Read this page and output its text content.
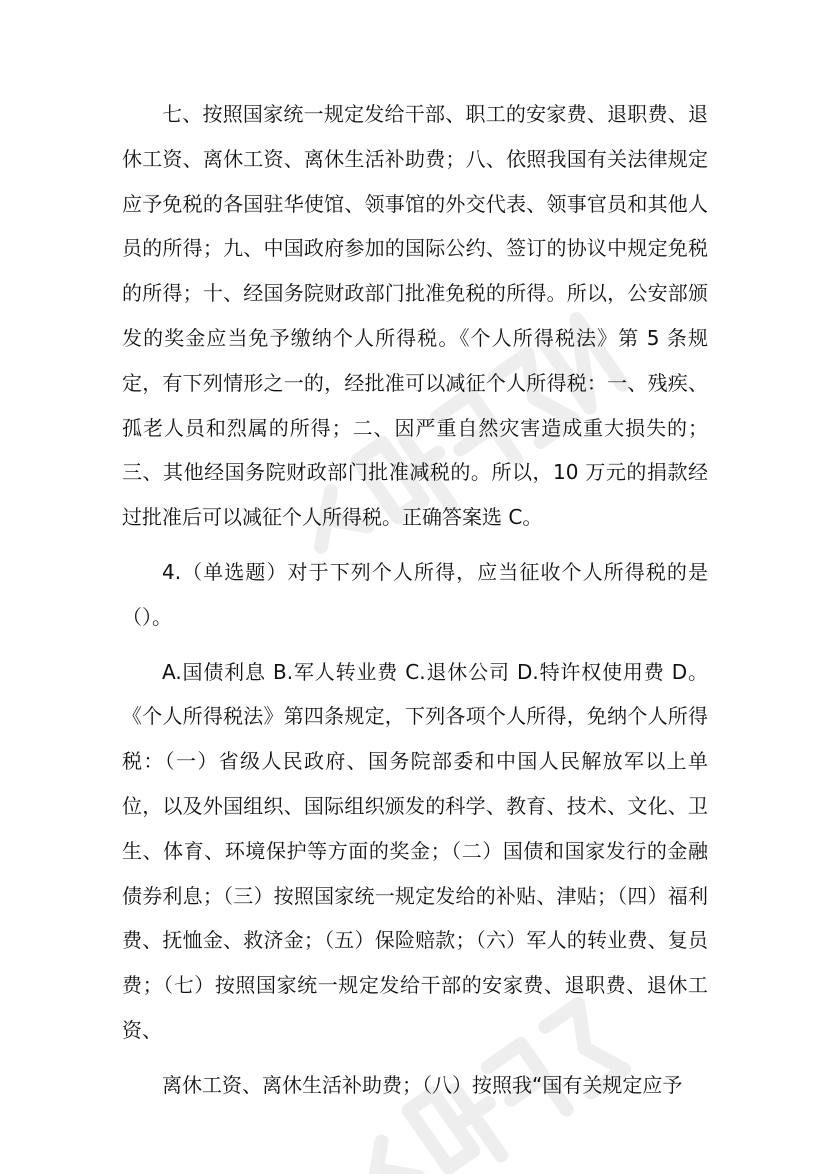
七、按照国家统一规定发给干部、职工的安家费、退职费、退休工资、离休工资、离休生活补助费；八、依照我国有关法律规定应予免税的各国驻华使馆、领事馆的外交代表、领事官员和其他人员的所得；九、中国政府参加的国际公约、签订的协议中规定免税的所得；十、经国务院财政部门批准免税的所得。所以，公安部颁发的奖金应当免予缴纳个人所得税。《个人所得税法》第 5 条规定，有下列情形之一的，经批准可以减征个人所得税：一、残疾、孤老人员和烈属的所得；二、因严重自然灾害造成重大损失的；三、其他经国务院财政部门批准减税的。所以，10 万元的捐款经过批准后可以减征个人所得税。正确答案选 C。

4.（单选题）对于下列个人所得，应当征收个人所得税的是（）。

A.国债利息 B.军人转业费 C.退休公司 D.特许权使用费 D。《个人所得税法》第四条规定，下列各项个人所得，免纳个人所得税：（一）省级人民政府、国务院部委和中国人民解放军以上单位，以及外国组织、国际组织颁发的科学、教育、技术、文化、卫生、体育、环境保护等方面的奖金；（二）国债和国家发行的金融债券利息；（三）按照国家统一规定发给的补贴、津贴；（四）福利费、抚恤金、救济金；（五）保险赔款；（六）军人的转业费、复员费；（七）按照国家统一规定发给干部的安家费、退职费、退休工资、

离休工资、离休生活补助费；（八）按照我“国有关规定应予
